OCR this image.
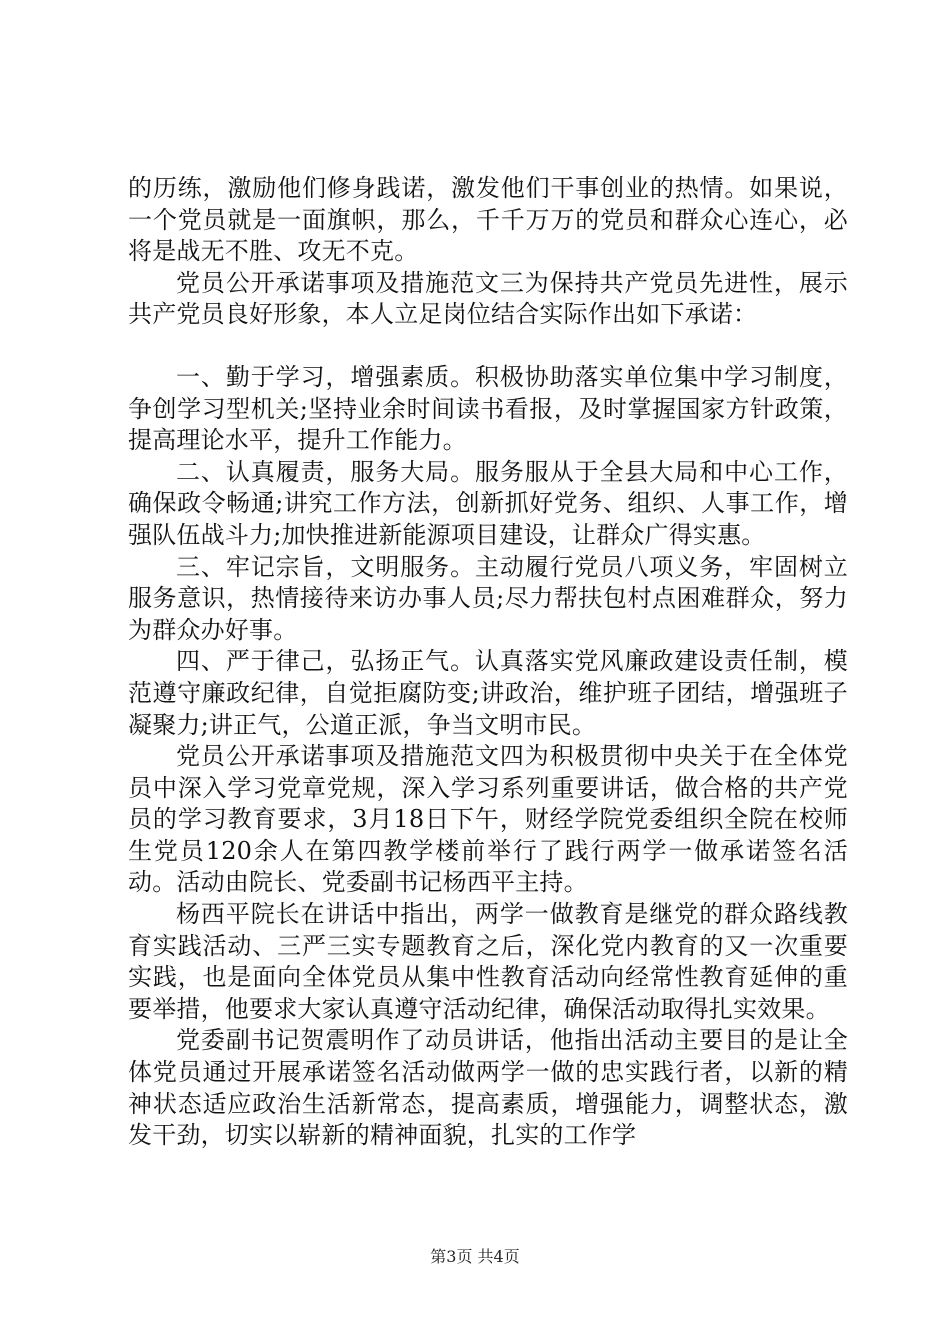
的历练，激励他们修身践诺，激发他们干事创业的热情。如果说，一个党员就是一面旗帜，那么，千千万万的党员和群众心连心，必将是战无不胜、攻无不克。

党员公开承诺事项及措施范文三为保持共产党员先进性，展示共产党员良好形象，本人立足岗位结合实际作出如下承诺：

一、勤于学习，增强素质。积极协助落实单位集中学习制度，争创学习型机关;坚持业余时间读书看报，及时掌握国家方针政策，提高理论水平，提升工作能力。

二、认真履责，服务大局。服务服从于全县大局和中心工作，确保政令畅通;讲究工作方法，创新抓好党务、组织、人事工作，增强队伍战斗力;加快推进新能源项目建设，让群众广得实惠。

三、牢记宗旨，文明服务。主动履行党员八项义务，牢固树立服务意识，热情接待来访办事人员;尽力帮扶包村点困难群众，努力为群众办好事。

四、严于律己，弘扬正气。认真落实党风廉政建设责任制，模范遵守廉政纪律，自觉拒腐防变;讲政治，维护班子团结，增强班子凝聚力;讲正气，公道正派，争当文明市民。

党员公开承诺事项及措施范文四为积极贯彻中央关于在全体党员中深入学习党章党规，深入学习系列重要讲话，做合格的共产党员的学习教育要求，3月18日下午，财经学院党委组织全院在校师生党员120余人在第四教学楼前举行了践行两学一做承诺签名活动。活动由院长、党委副书记杨西平主持。

杨西平院长在讲话中指出，两学一做教育是继党的群众路线教育实践活动、三严三实专题教育之后，深化党内教育的又一次重要实践，也是面向全体党员从集中性教育活动向经常性教育延伸的重要举措，他要求大家认真遵守活动纪律，确保活动取得扎实效果。

党委副书记贺震明作了动员讲话，他指出活动主要目的是让全体党员通过开展承诺签名活动做两学一做的忠实践行者，以新的精神状态适应政治生活新常态，提高素质，增强能力，调整状态，激发干劲，切实以崭新的精神面貌，扎实的工作学

第3页 共4页
